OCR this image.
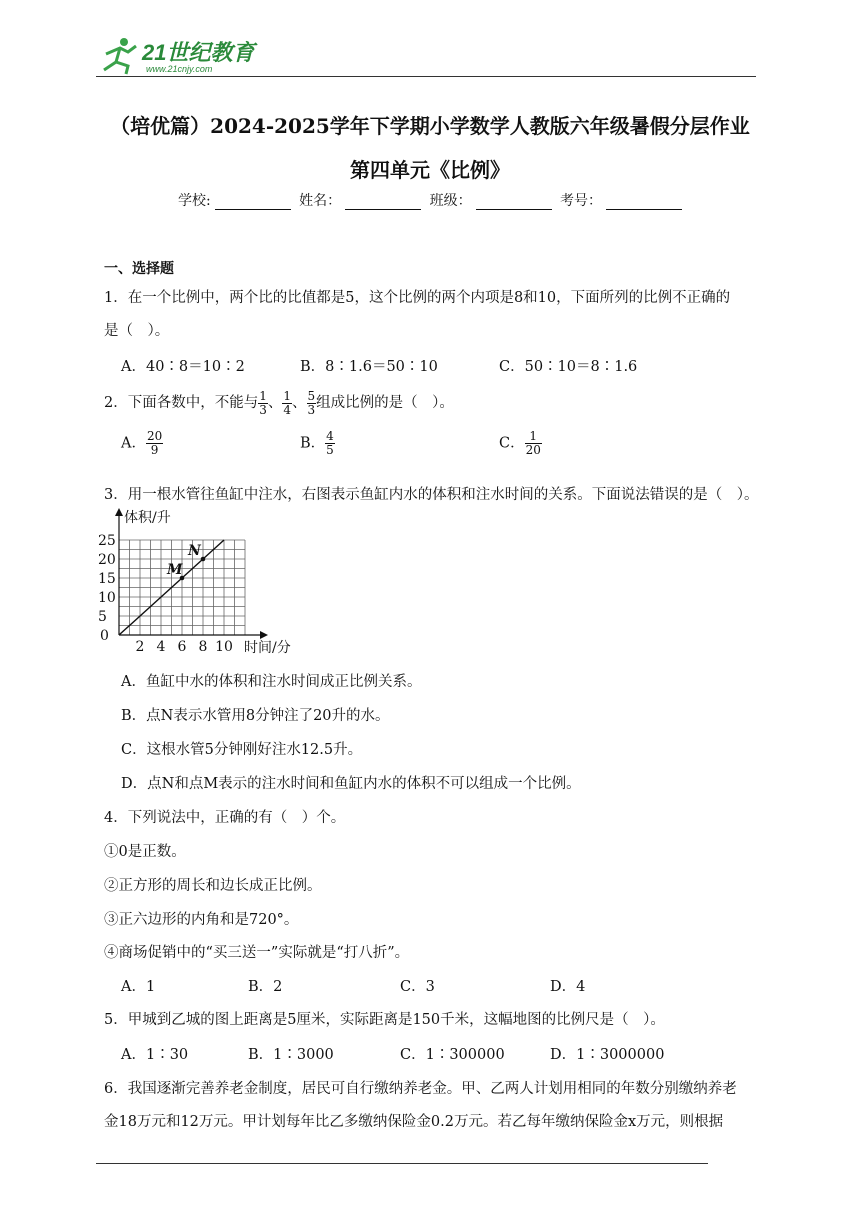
21世纪教育
www.21cnjy.com
（培优篇）2024-2025学年下学期小学数学人教版六年级暑假分层作业
第四单元《比例》
学校:	姓名：	班级：	考号：
一、选择题
1．在一个比例中，两个比的比值都是5，这个比例的两个内项是8和10，下面所列的比例不正确的
是（　）。
A．40∶8＝10∶2	B．8∶1.6＝50∶10	C．50∶10＝8∶1.6
2．下面各数中，不能与 $\frac{1}{3}$ 、 $\frac{1}{4}$ 、 $\frac{5}{3}$ 组成比例的是（　）。
A． $\frac{20}{9}$	B． $\frac{4}{5}$	C． $\frac{1}{20}$
3．用一根水管往鱼缸中注水，右图表示鱼缸内水的体积和注水时间的关系。下面说法错误的是（　）。
2 4 6 8 10
0
5
10
15
20
25
M
N
体积/升
时间/分
A．鱼缸中水的体积和注水时间成正比例关系。
B．点N表示水管用8分钟注了20升的水。
C．这根水管5分钟刚好注水12.5升。
D．点N和点M表示的注水时间和鱼缸内水的体积不可以组成一个比例。
4．下列说法中，正确的有（　）个。
①0是正数。
②正方形的周长和边长成正比例。
③正六边形的内角和是720°。
④商场促销中的“买三送一”实际就是“打八折”。
A．1	B．2	C．3	D．4
5．甲城到乙城的图上距离是5厘米，实际距离是150千米，这幅地图的比例尺是（　）。
A．1∶30	B．1∶3000	C．1∶300000	D．1∶3000000
6．我国逐渐完善养老金制度，居民可自行缴纳养老金。甲、乙两人计划用相同的年数分别缴纳养老
金18万元和12万元。甲计划每年比乙多缴纳保险金0.2万元。若乙每年缴纳保险金x万元，则根据
